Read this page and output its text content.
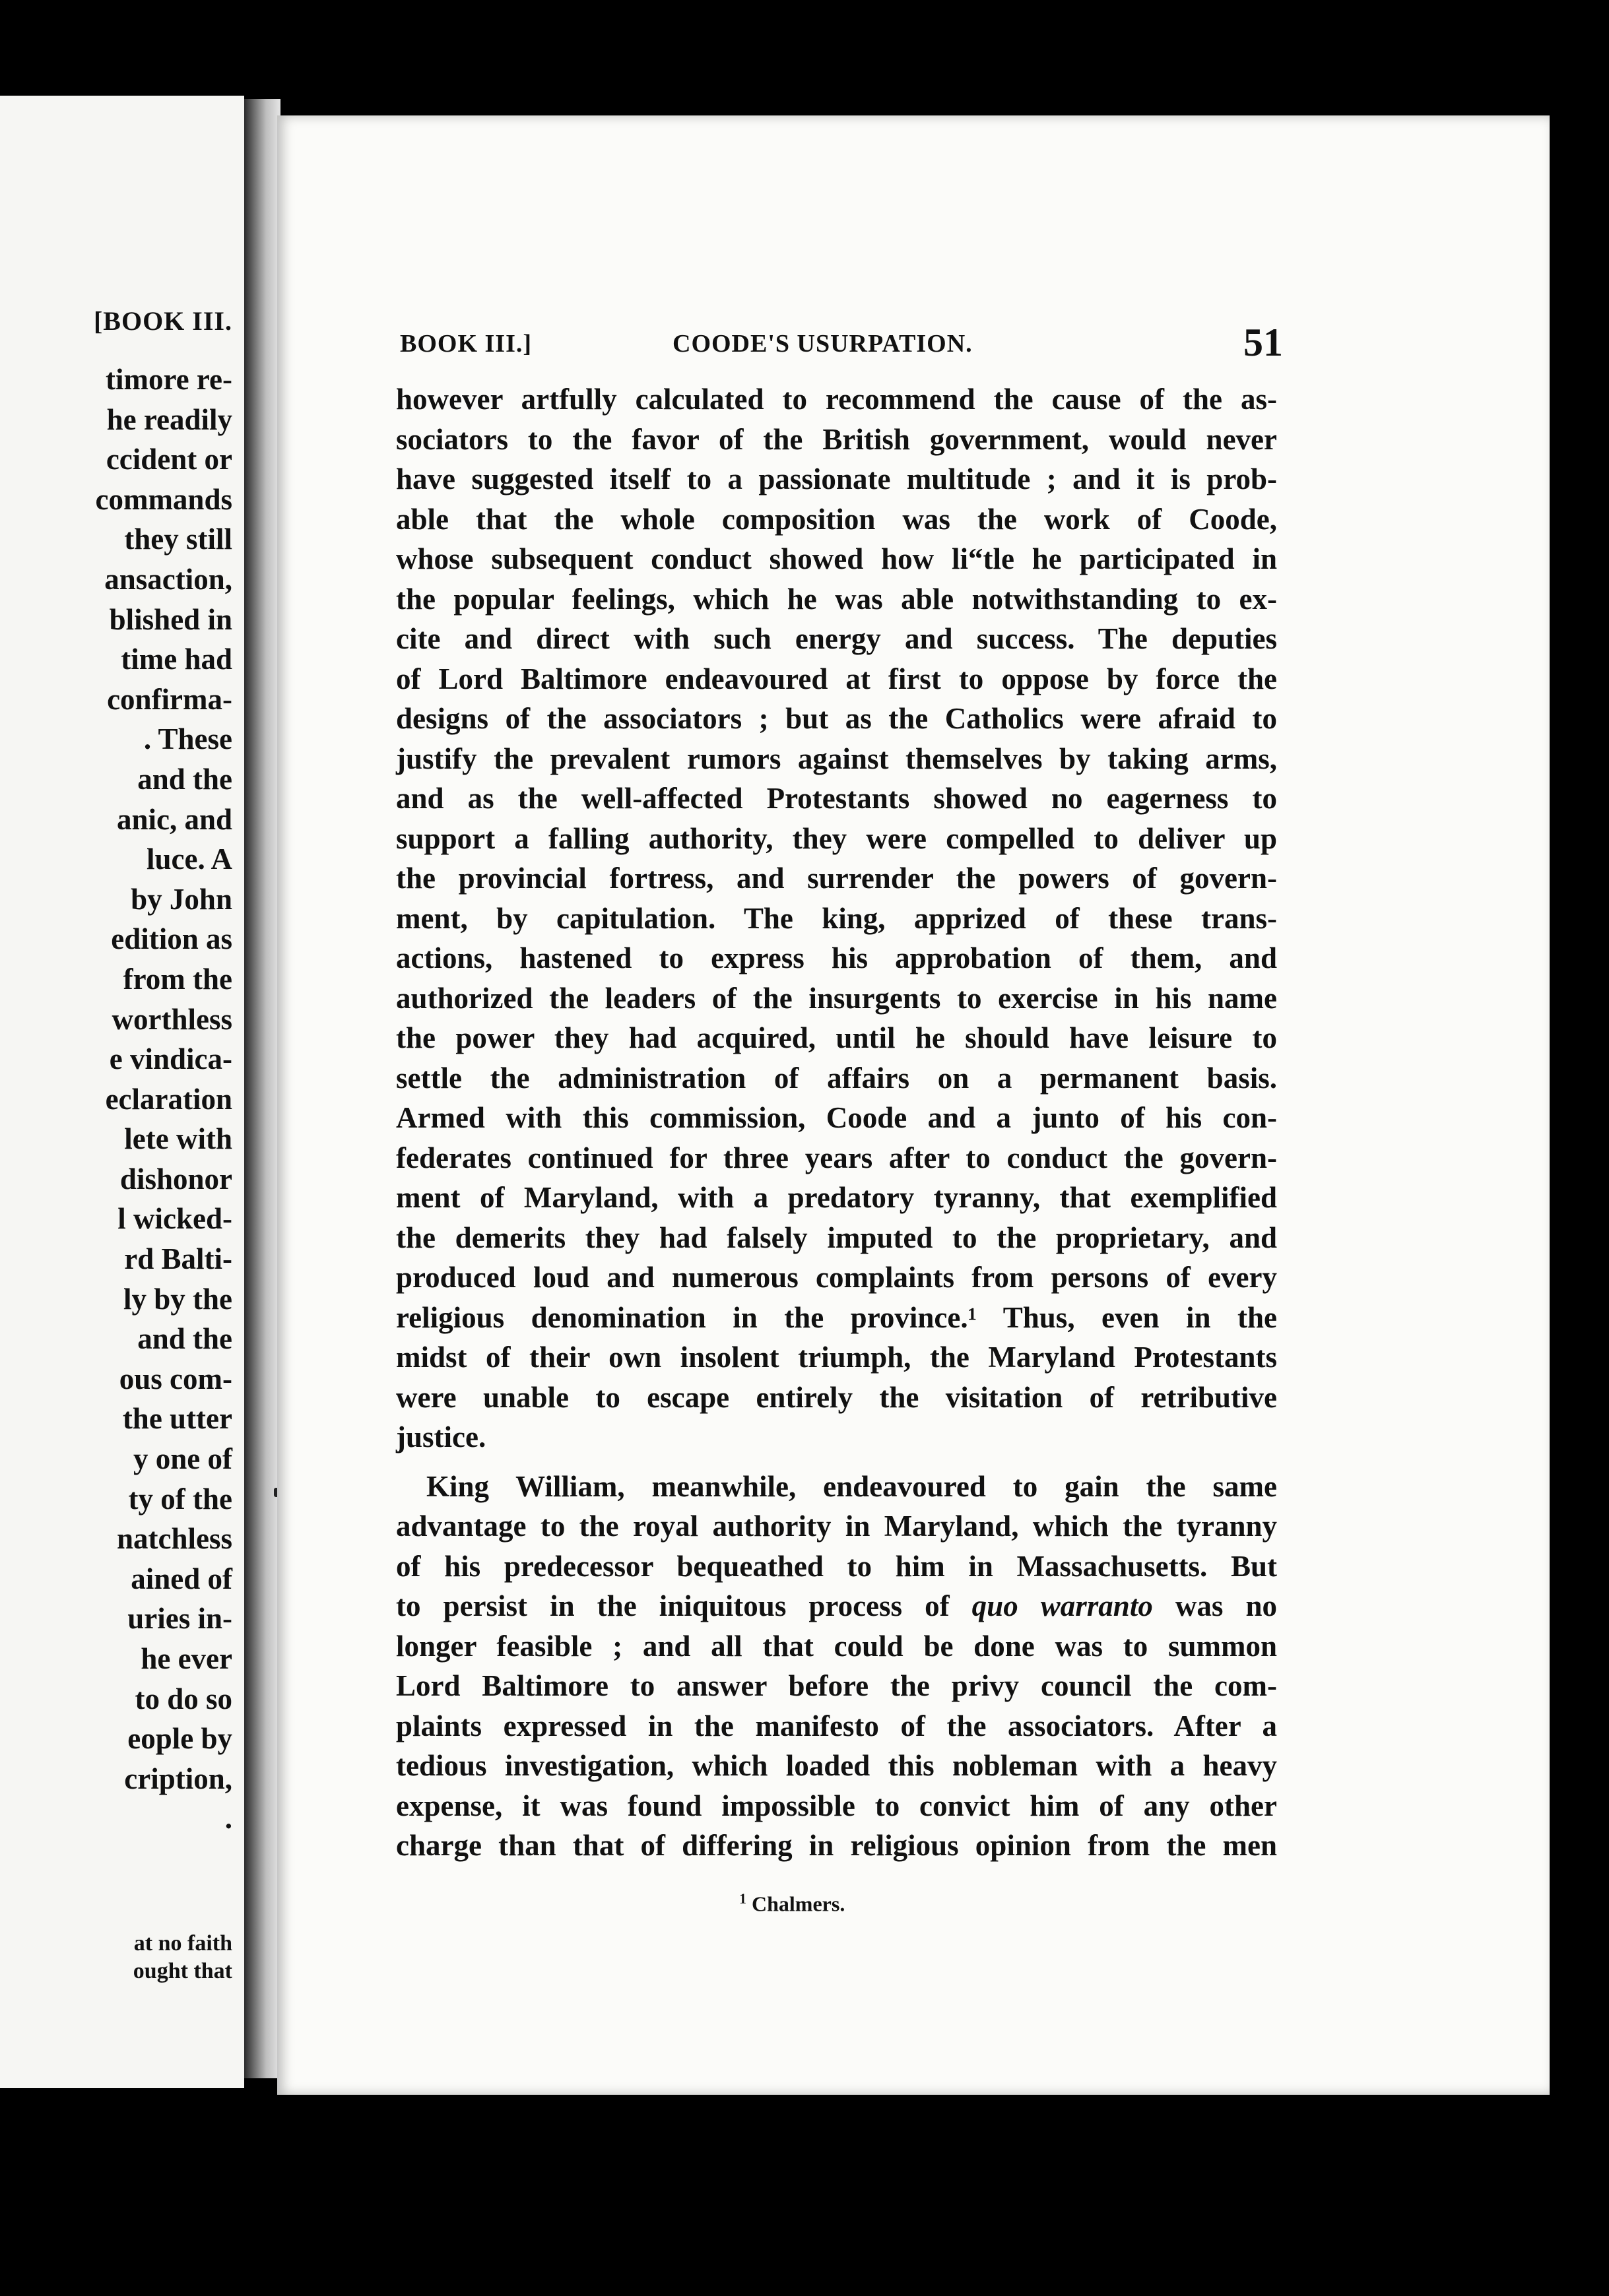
[BOOK III.
timore re-
he readily
ccident or
commands
they still
ansaction,
blished in
time had
confirma-
. These
and the
anic, and
luce. A
by John
edition as
from the
worthless
e vindica-
eclaration
lete with
dishonor
l wicked-
rd Balti-
ly by the
and the
ous com-
the utter
y one of
ty of the
natchless
ained of
uries in-
he ever
to do so
eople by
cription,
.
at no faith
ought that
BOOK III.]	COODE'S USURPATION.	51
however artfully calculated to recommend the cause of the as-
sociators to the favor of the British government, would never
have suggested itself to a passionate multitude ; and it is prob-
able that the whole composition was the work of Coode,
whose subsequent conduct showed how li“tle he participated in
the popular feelings, which he was able notwithstanding to ex-
cite and direct with such energy and success. The deputies
of Lord Baltimore endeavoured at first to oppose by force the
designs of the associators ; but as the Catholics were afraid to
justify the prevalent rumors against themselves by taking arms,
and as the well-affected Protestants showed no eagerness to
support a falling authority, they were compelled to deliver up
the provincial fortress, and surrender the powers of govern-
ment, by capitulation. The king, apprized of these trans-
actions, hastened to express his approbation of them, and
authorized the leaders of the insurgents to exercise in his name
the power they had acquired, until he should have leisure to
settle the administration of affairs on a permanent basis.
Armed with this commission, Coode and a junto of his con-
federates continued for three years after to conduct the govern-
ment of Maryland, with a predatory tyranny, that exemplified
the demerits they had falsely imputed to the proprietary, and
produced loud and numerous complaints from persons of every
religious denomination in the province.¹ Thus, even in the
midst of their own insolent triumph, the Maryland Protestants
were unable to escape entirely the visitation of retributive
justice.
King William, meanwhile, endeavoured to gain the same
advantage to the royal authority in Maryland, which the tyranny
of his predecessor bequeathed to him in Massachusetts. But
to persist in the iniquitous process of quo warranto was no
longer feasible ; and all that could be done was to summon
Lord Baltimore to answer before the privy council the com-
plaints expressed in the manifesto of the associators. After a
tedious investigation, which loaded this nobleman with a heavy
expense, it was found impossible to convict him of any other
charge than that of differing in religious opinion from the men
$^1$ Chalmers.
